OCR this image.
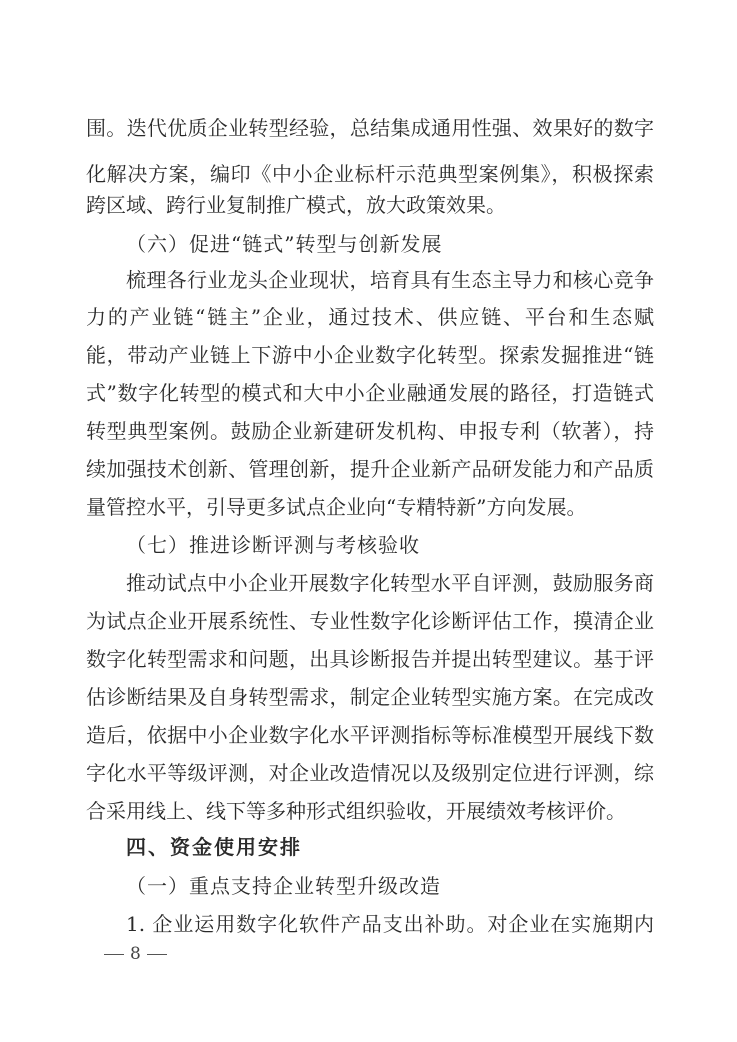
围。迭代优质企业转型经验，总结集成通用性强、效果好的数字
化解决方案，编印《中小企业标杆示范典型案例集》，积极探索
跨区域、跨行业复制推广模式，放大政策效果。
（六）促进“链式”转型与创新发展
梳理各行业龙头企业现状，培育具有生态主导力和核心竞争
力的产业链“链主”企业，通过技术、供应链、平台和生态赋
能，带动产业链上下游中小企业数字化转型。探索发掘推进“链
式”数字化转型的模式和大中小企业融通发展的路径，打造链式
转型典型案例。鼓励企业新建研发机构、申报专利（软著），持
续加强技术创新、管理创新，提升企业新产品研发能力和产品质
量管控水平，引导更多试点企业向“专精特新”方向发展。
（七）推进诊断评测与考核验收
推动试点中小企业开展数字化转型水平自评测，鼓励服务商
为试点企业开展系统性、专业性数字化诊断评估工作，摸清企业
数字化转型需求和问题，出具诊断报告并提出转型建议。基于评
估诊断结果及自身转型需求，制定企业转型实施方案。在完成改
造后，依据中小企业数字化水平评测指标等标准模型开展线下数
字化水平等级评测，对企业改造情况以及级别定位进行评测，综
合采用线上、线下等多种形式组织验收，开展绩效考核评价。
四、资金使用安排
（一）重点支持企业转型升级改造
1. 企业运用数字化软件产品支出补助。对企业在实施期内
8
